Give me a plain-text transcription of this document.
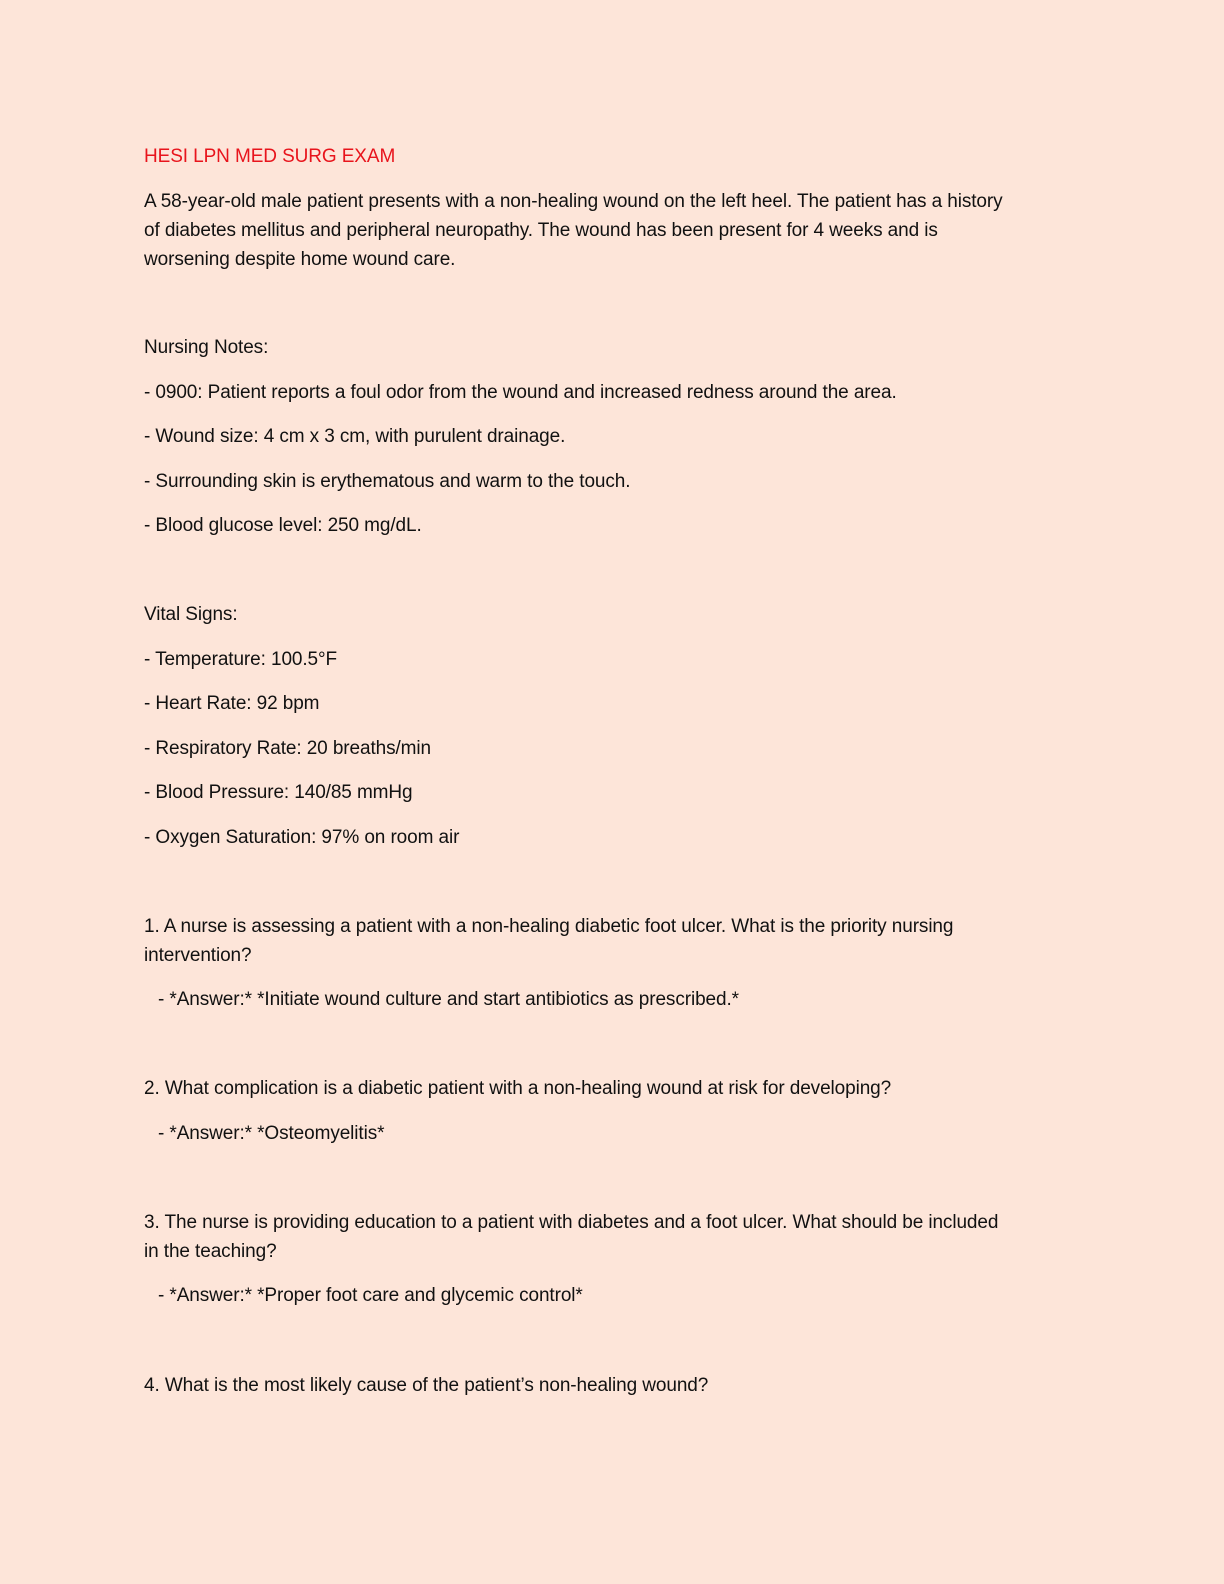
HESI LPN MED SURG EXAM
A 58-year-old male patient presents with a non-healing wound on the left heel. The patient has a history
of diabetes mellitus and peripheral neuropathy. The wound has been present for 4 weeks and is
worsening despite home wound care.
Nursing Notes:
- 0900: Patient reports a foul odor from the wound and increased redness around the area.
- Wound size: 4 cm x 3 cm, with purulent drainage.
- Surrounding skin is erythematous and warm to the touch.
- Blood glucose level: 250 mg/dL.
Vital Signs:
- Temperature: 100.5°F
- Heart Rate: 92 bpm
- Respiratory Rate: 20 breaths/min
- Blood Pressure: 140/85 mmHg
- Oxygen Saturation: 97% on room air
1. A nurse is assessing a patient with a non-healing diabetic foot ulcer. What is the priority nursing
intervention?
- *Answer:* *Initiate wound culture and start antibiotics as prescribed.*
2. What complication is a diabetic patient with a non-healing wound at risk for developing?
- *Answer:* *Osteomyelitis*
3. The nurse is providing education to a patient with diabetes and a foot ulcer. What should be included
in the teaching?
- *Answer:* *Proper foot care and glycemic control*
4. What is the most likely cause of the patient’s non-healing wound?
